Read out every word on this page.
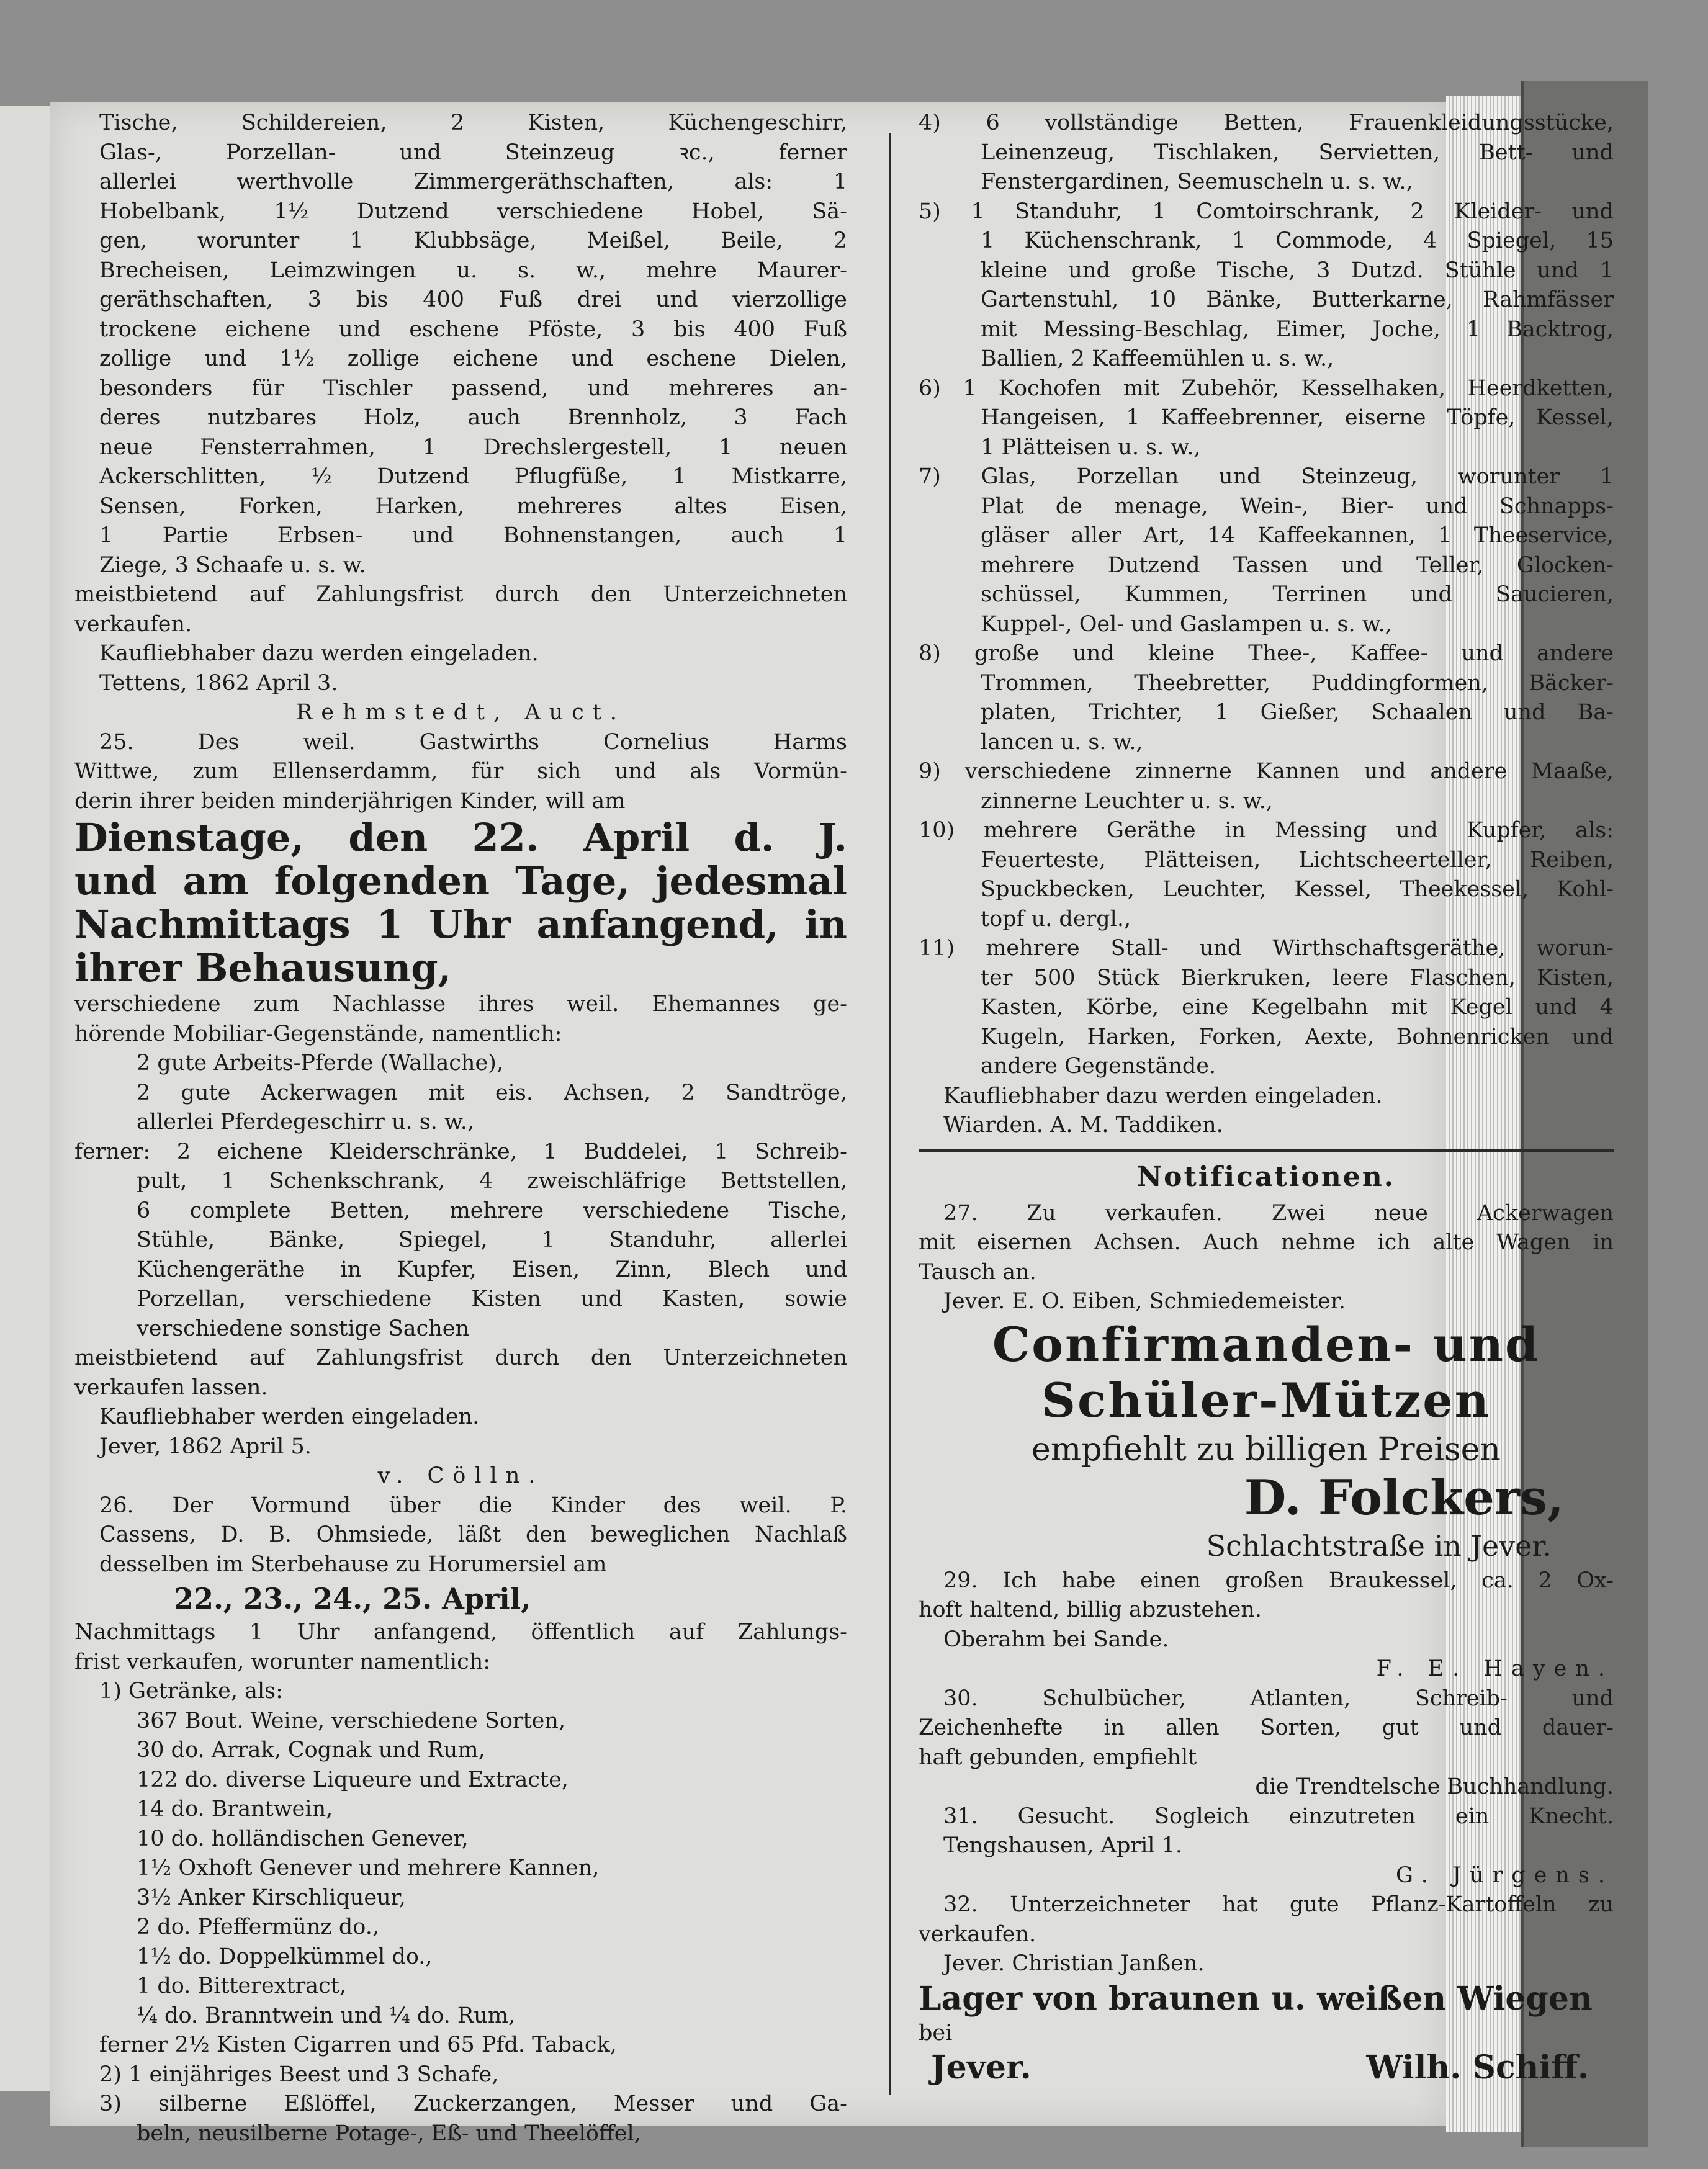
Tische, Schildereien, 2 Kisten, Küchengeschirr,
Glas-, Porzellan- und Steinzeug ꝛc., ferner
allerlei werthvolle Zimmergeräthschaften, als: 1
Hobelbank, 1½ Dutzend verschiedene Hobel, Sä-
gen, worunter 1 Klubbsäge, Meißel, Beile, 2
Brecheisen, Leimzwingen u. s. w., mehre Maurer-
geräthschaften, 3 bis 400 Fuß drei und vierzollige
trockene eichene und eschene Pföste, 3 bis 400 Fuß
zollige und 1½ zollige eichene und eschene Dielen,
besonders für Tischler passend, und mehreres an-
deres nutzbares Holz, auch Brennholz, 3 Fach
neue Fensterrahmen, 1 Drechslergestell, 1 neuen
Ackerschlitten, ½ Dutzend Pflugfüße, 1 Mistkarre,
Sensen, Forken, Harken, mehreres altes Eisen,
1 Partie Erbsen- und Bohnenstangen, auch 1
Ziege, 3 Schaafe u. s. w.
meistbietend auf Zahlungsfrist durch den Unterzeichneten
verkaufen.
Kaufliebhaber dazu werden eingeladen.
Tettens, 1862 April 3.
Rehmstedt, Auct.
25. Des weil. Gastwirths Cornelius Harms
Wittwe, zum Ellenserdamm, für sich und als Vormün-
derin ihrer beiden minderjährigen Kinder, will am
Dienstage, den 22. April d. J.
und am folgenden Tage, jedesmal
Nachmittags 1 Uhr anfangend, in
ihrer Behausung,
verschiedene zum Nachlasse ihres weil. Ehemannes ge-
hörende Mobiliar-Gegenstände, namentlich:
2 gute Arbeits-Pferde (Wallache),
2 gute Ackerwagen mit eis. Achsen, 2 Sandtröge,
allerlei Pferdegeschirr u. s. w.,
ferner: 2 eichene Kleiderschränke, 1 Buddelei, 1 Schreib-
pult, 1 Schenkschrank, 4 zweischläfrige Bettstellen,
6 complete Betten, mehrere verschiedene Tische,
Stühle, Bänke, Spiegel, 1 Standuhr, allerlei
Küchengeräthe in Kupfer, Eisen, Zinn, Blech und
Porzellan, verschiedene Kisten und Kasten, sowie
verschiedene sonstige Sachen
meistbietend auf Zahlungsfrist durch den Unterzeichneten
verkaufen lassen.
Kaufliebhaber werden eingeladen.
Jever, 1862 April 5.
v. Cölln.
26. Der Vormund über die Kinder des weil. P.
Cassens, D. B. Ohmsiede, läßt den beweglichen Nachlaß
desselben im Sterbehause zu Horumersiel am
22., 23., 24., 25. April,
Nachmittags 1 Uhr anfangend, öffentlich auf Zahlungs-
frist verkaufen, worunter namentlich:
1) Getränke, als:
367 Bout. Weine, verschiedene Sorten,
30 do. Arrak, Cognak und Rum,
122 do. diverse Liqueure und Extracte,
14 do. Brantwein,
10 do. holländischen Genever,
1½ Oxhoft Genever und mehrere Kannen,
3½ Anker Kirschliqueur,
2 do. Pfeffermünz do.,
1½ do. Doppelkümmel do.,
1 do. Bitterextract,
¼ do. Branntwein und ¼ do. Rum,
ferner 2½ Kisten Cigarren und 65 Pfd. Taback,
2) 1 einjähriges Beest und 3 Schafe,
3) silberne Eßlöffel, Zuckerzangen, Messer und Ga-
beln, neusilberne Potage-, Eß- und Theelöffel,
4) 6 vollständige Betten, Frauenkleidungsstücke,
Leinenzeug, Tischlaken, Servietten, Bett- und
Fenstergardinen, Seemuscheln u. s. w.,
5) 1 Standuhr, 1 Comtoirschrank, 2 Kleider- und
1 Küchenschrank, 1 Commode, 4 Spiegel, 15
kleine und große Tische, 3 Dutzd. Stühle und 1
Gartenstuhl, 10 Bänke, Butterkarne, Rahmfässer
mit Messing-Beschlag, Eimer, Joche, 1 Backtrog,
Ballien, 2 Kaffeemühlen u. s. w.,
6) 1 Kochofen mit Zubehör, Kesselhaken, Heerdketten,
Hangeisen, 1 Kaffeebrenner, eiserne Töpfe, Kessel,
1 Plätteisen u. s. w.,
7) Glas, Porzellan und Steinzeug, worunter 1
Plat de menage, Wein-, Bier- und Schnapps-
gläser aller Art, 14 Kaffeekannen, 1 Theeservice,
mehrere Dutzend Tassen und Teller, Glocken-
schüssel, Kummen, Terrinen und Saucieren,
Kuppel-, Oel- und Gaslampen u. s. w.,
8) große und kleine Thee-, Kaffee- und andere
Trommen, Theebretter, Puddingformen, Bäcker-
platen, Trichter, 1 Gießer, Schaalen und Ba-
lancen u. s. w.,
9) verschiedene zinnerne Kannen und andere Maaße,
zinnerne Leuchter u. s. w.,
10) mehrere Geräthe in Messing und Kupfer, als:
Feuerteste, Plätteisen, Lichtscheerteller, Reiben,
Spuckbecken, Leuchter, Kessel, Theekessel, Kohl-
topf u. dergl.,
11) mehrere Stall- und Wirthschaftsgeräthe, worun-
ter 500 Stück Bierkruken, leere Flaschen, Kisten,
Kasten, Körbe, eine Kegelbahn mit Kegel und 4
Kugeln, Harken, Forken, Aexte, Bohnenricken und
andere Gegenstände.
Kaufliebhaber dazu werden eingeladen.
Wiarden. A. M. Taddiken.
Notificationen.
27. Zu verkaufen. Zwei neue Ackerwagen
mit eisernen Achsen. Auch nehme ich alte Wagen in
Tausch an.
Jever. E. O. Eiben, Schmiedemeister.
Confirmanden- und
Schüler-Mützen
empfiehlt zu billigen Preisen
D. Folckers,
Schlachtstraße in Jever.
29. Ich habe einen großen Braukessel, ca. 2 Ox-
hoft haltend, billig abzustehen.
Oberahm bei Sande.
F. E. Hayen.
30. Schulbücher, Atlanten, Schreib- und
Zeichenhefte in allen Sorten, gut und dauer-
haft gebunden, empfiehlt
die Trendtelsche Buchhandlung.
31. Gesucht. Sogleich einzutreten ein Knecht.
Tengshausen, April 1.
G. Jürgens.
32. Unterzeichneter hat gute Pflanz-Kartoffeln zu
verkaufen.
Jever. Christian Janßen.
Lager von braunen u. weißen Wiegen
bei
Jever.	Wilh. Schiff.
